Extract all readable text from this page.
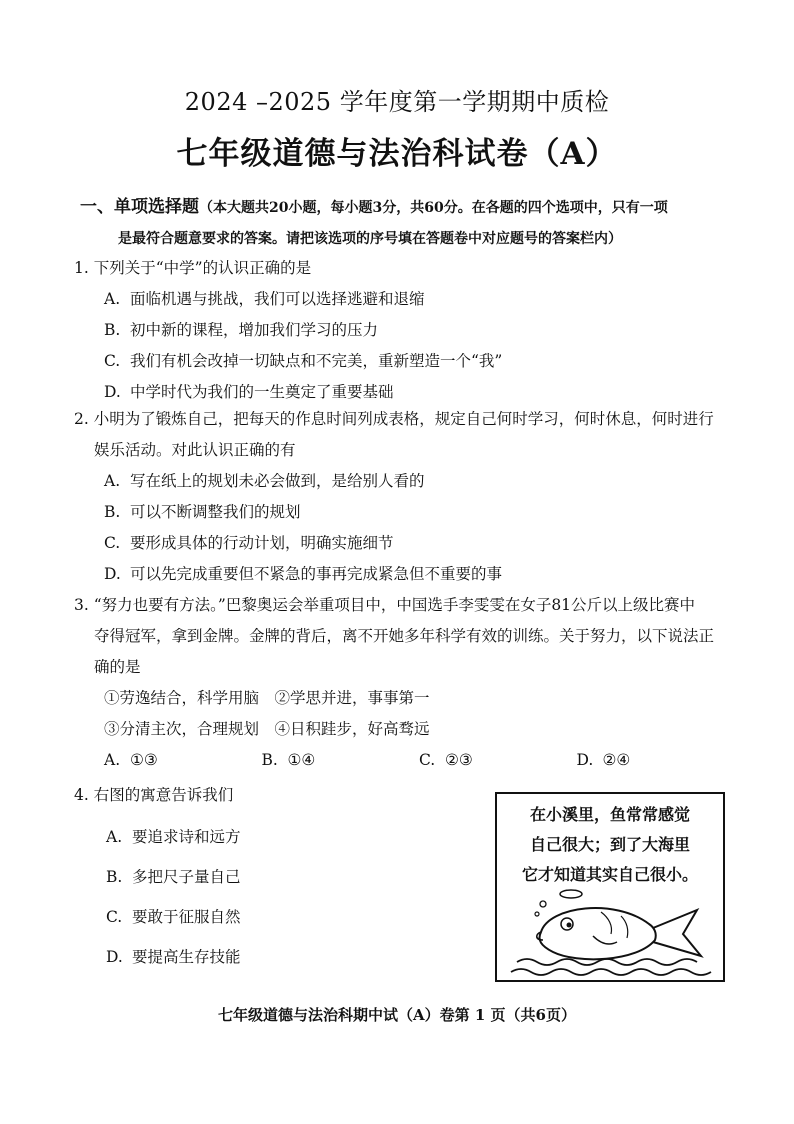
2024 –2025 学年度第一学期期中质检
七年级道德与法治科试卷（A）
一、单项选择题（本大题共20小题，每小题3分，共60分。在各题的四个选项中，只有一项
是最符合题意要求的答案。请把该选项的序号填在答题卷中对应题号的答案栏内）
1. 下列关于“中学”的认识正确的是
A. 面临机遇与挑战，我们可以选择逃避和退缩
B. 初中新的课程，增加我们学习的压力
C. 我们有机会改掉一切缺点和不完美，重新塑造一个“我”
D. 中学时代为我们的一生奠定了重要基础
2. 小明为了锻炼自己，把每天的作息时间列成表格，规定自己何时学习，何时休息，何时进行
娱乐活动。对此认识正确的有
A. 写在纸上的规划未必会做到，是给别人看的
B. 可以不断调整我们的规划
C. 要形成具体的行动计划，明确实施细节
D. 可以先完成重要但不紧急的事再完成紧急但不重要的事
3. “努力也要有方法。”巴黎奥运会举重项目中，中国选手李雯雯在女子81公斤以上级比赛中
夺得冠军，拿到金牌。金牌的背后，离不开她多年科学有效的训练。关于努力，以下说法正
确的是
①劳逸结合，科学用脑　②学思并进，事事第一
③分清主次，合理规划　④日积跬步，好高骛远
A. ①③	B. ①④	C. ②③	D. ②④
4. 右图的寓意告诉我们
A. 要追求诗和远方
B. 多把尺子量自己
C. 要敢于征服自然
D. 要提高生存技能
在小溪里，鱼常常感觉
自己很大；到了大海里
它才知道其实自己很小。
七年级道德与法治科期中试（A）卷第 1 页（共6页）
